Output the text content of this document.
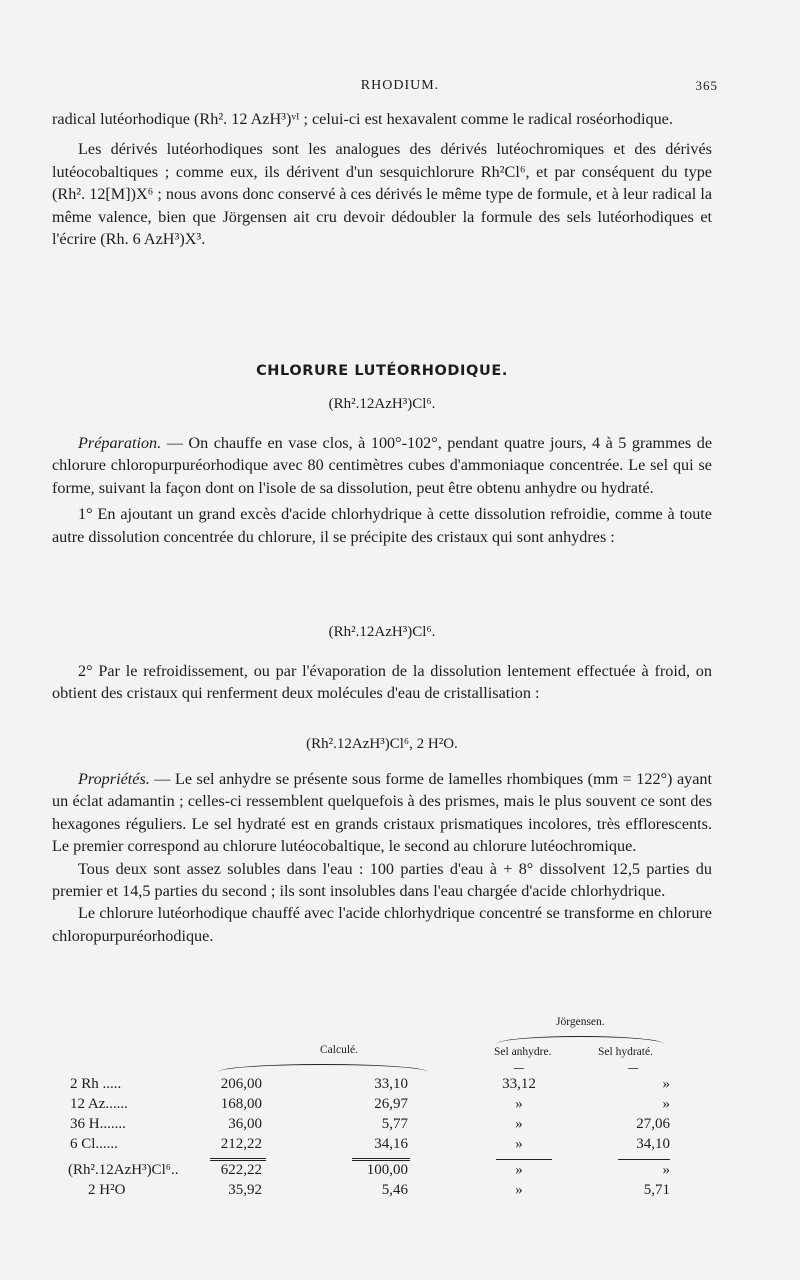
RHODIUM.	365

radical lutéorhodique (Rh². 12 AzH³)ᵛᴵ ; celui-ci est hexavalent comme le radical roséorhodique.

Les dérivés lutéorhodiques sont les analogues des dérivés lutéochromiques et des dérivés lutéocobaltiques ; comme eux, ils dérivent d'un sesquichlorure Rh²Cl⁶, et par conséquent du type (Rh². 12[M])X⁶ ; nous avons donc conservé à ces dérivés le même type de formule, et à leur radical la même valence, bien que Jörgensen ait cru devoir dédoubler la formule des sels lutéorhodiques et l'écrire (Rh. 6 AzH³)X³.

CHLORURE LUTÉORHODIQUE.
(Rh².12AzH³)Cl⁶.

Préparation. — On chauffe en vase clos, à 100°-102°, pendant quatre jours, 4 à 5 grammes de chlorure chloropurpuréorhodique avec 80 centimètres cubes d'ammoniaque concentrée. Le sel qui se forme, suivant la façon dont on l'isole de sa dissolution, peut être obtenu anhydre ou hydraté.

1° En ajoutant un grand excès d'acide chlorhydrique à cette dissolution refroidie, comme à toute autre dissolution concentrée du chlorure, il se précipite des cristaux qui sont anhydres :

(Rh².12AzH³)Cl⁶.

2° Par le refroidissement, ou par l'évaporation de la dissolution lentement effectuée à froid, on obtient des cristaux qui renferment deux molécules d'eau de cristallisation :

(Rh².12AzH³)Cl⁶, 2 H²O.

Propriétés. — Le sel anhydre se présente sous forme de lamelles rhombiques (mm = 122°) ayant un éclat adamantin ; celles-ci ressemblent quelquefois à des prismes, mais le plus souvent ce sont des hexagones réguliers. Le sel hydraté est en grands cristaux prismatiques incolores, très efflorescents. Le premier correspond au chlorure lutéocobaltique, le second au chlorure lutéochromique.

Tous deux sont assez solubles dans l'eau : 100 parties d'eau à + 8° dissolvent 12,5 parties du premier et 14,5 parties du second ; ils sont insolubles dans l'eau chargée d'acide chlorhydrique.

Le chlorure lutéorhodique chauffé avec l'acide chlorhydrique concentré se transforme en chlorure chloropurpuréorhodique.

Jörgensen.
Calculé.	Sel anhydre.	Sel hydraté.
2 Rh .....	206,00	33,10	33,12	»
12 Az......	168,00	26,97	»	»
36 H.......	36,00	5,77	»	27,06
6 Cl......	212,22	34,16	»	34,10
(Rh².12AzH³)Cl⁶..	622,22	100,00	»	»
2 H²O	35,92	5,46	»	5,71
